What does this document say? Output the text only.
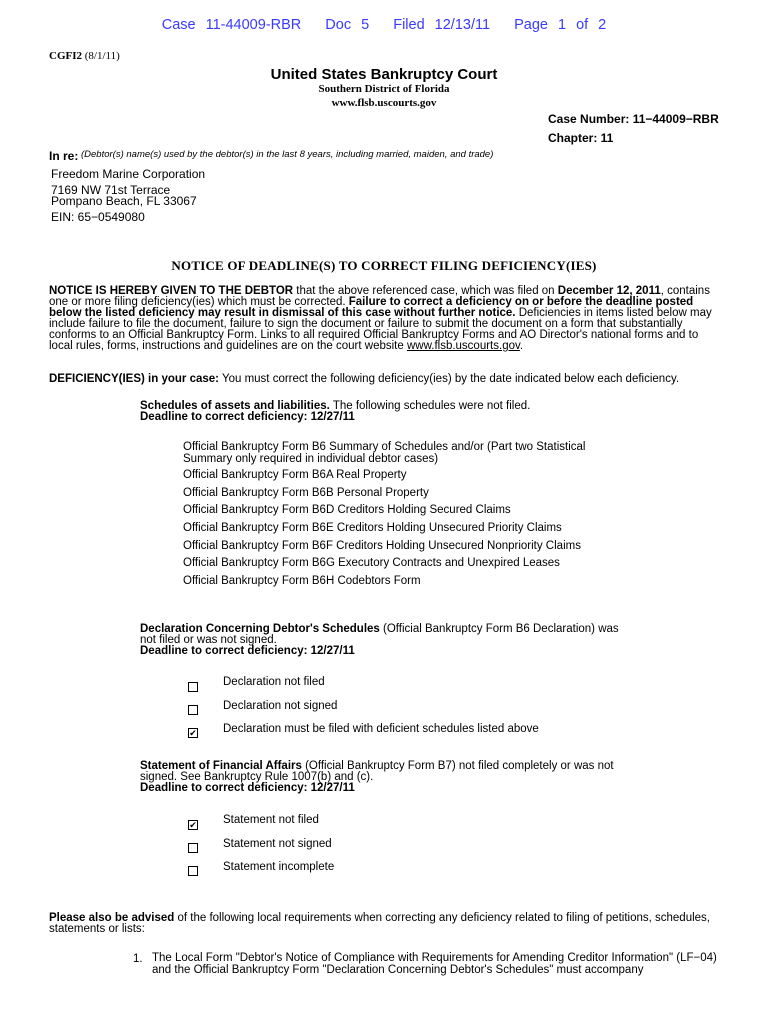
Case 11-44009-RBR Doc 5 Filed 12/13/11 Page 1 of 2
CGFI2 (8/1/11)
United States Bankruptcy Court
Southern District of Florida
www.flsb.uscourts.gov
Case Number: 11−44009−RBR
Chapter: 11
In re: (Debtor(s) name(s) used by the debtor(s) in the last 8 years, including married, maiden, and trade)
Freedom Marine Corporation
7169 NW 71st Terrace
Pompano Beach, FL 33067
EIN: 65−0549080
NOTICE OF DEADLINE(S) TO CORRECT FILING DEFICIENCY(IES)
NOTICE IS HEREBY GIVEN TO THE DEBTOR that the above referenced case, which was filed on December 12, 2011, contains one or more filing deficiency(ies) which must be corrected. Failure to correct a deficiency on or before the deadline posted below the listed deficiency may result in dismissal of this case without further notice. Deficiencies in items listed below may include failure to file the document, failure to sign the document or failure to submit the document on a form that substantially conforms to an Official Bankruptcy Form. Links to all required Official Bankruptcy Forms and AO Director's national forms and to local rules, forms, instructions and guidelines are on the court website www.flsb.uscourts.gov.
DEFICIENCY(IES) in your case: You must correct the following deficiency(ies) by the date indicated below each deficiency.
Schedules of assets and liabilities. The following schedules were not filed.
Deadline to correct deficiency: 12/27/11
Official Bankruptcy Form B6 Summary of Schedules and/or (Part two Statistical Summary only required in individual debtor cases)
Official Bankruptcy Form B6A Real Property
Official Bankruptcy Form B6B Personal Property
Official Bankruptcy Form B6D Creditors Holding Secured Claims
Official Bankruptcy Form B6E Creditors Holding Unsecured Priority Claims
Official Bankruptcy Form B6F Creditors Holding Unsecured Nonpriority Claims
Official Bankruptcy Form B6G Executory Contracts and Unexpired Leases
Official Bankruptcy Form B6H Codebtors Form
Declaration Concerning Debtor's Schedules (Official Bankruptcy Form B6 Declaration) was not filed or was not signed.
Deadline to correct deficiency: 12/27/11
Declaration not filed
Declaration not signed
✔ Declaration must be filed with deficient schedules listed above
Statement of Financial Affairs (Official Bankruptcy Form B7) not filed completely or was not signed. See Bankruptcy Rule 1007(b) and (c).
Deadline to correct deficiency: 12/27/11
✔ Statement not filed
Statement not signed
Statement incomplete
Please also be advised of the following local requirements when correcting any deficiency related to filing of petitions, schedules, statements or lists:
1. The Local Form "Debtor's Notice of Compliance with Requirements for Amending Creditor Information" (LF−04) and the Official Bankruptcy Form "Declaration Concerning Debtor's Schedules" must accompany
